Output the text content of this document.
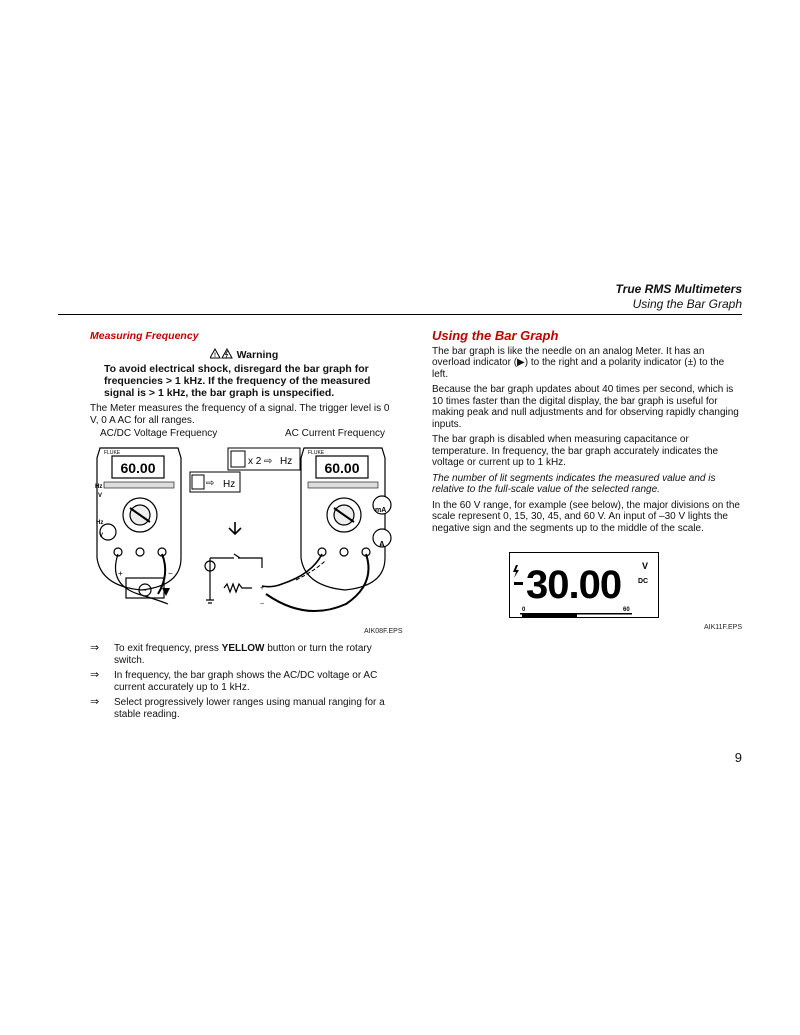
True RMS Multimeters
Using the Bar Graph
Measuring Frequency
! Warning
To avoid electrical shock, disregard the bar graph for frequencies > 1 kHz. If the frequency of the measured signal is > 1 kHz, the bar graph is unspecified.

The Meter measures the frequency of a signal. The trigger level is 0 V, 0 A AC for all ranges.

AC/DC Voltage Frequency	AC Current Frequency
60.00
FLUKE
Hz
V
Hz
V
~
+	−
⇨ Hz
+
−
x 2 ⇨ Hz 60.00
FLUKE
mA
A
AIK08F.EPS
⇒	To exit frequency, press YELLOW button or turn the rotary switch.
⇒	In frequency, the bar graph shows the AC/DC voltage or AC current accurately up to 1 kHz.
⇒	Select progressively lower ranges using manual ranging for a stable reading.
Using the Bar Graph

The bar graph is like the needle on an analog Meter. It has an overload indicator (▶) to the right and a polarity indicator (±) to the left.

Because the bar graph updates about 40 times per second, which is 10 times faster than the digital display, the bar graph is useful for making peak and null adjustments and for observing rapidly changing inputs.

The bar graph is disabled when measuring capacitance or temperature. In frequency, the bar graph accurately indicates the voltage or current up to 1 kHz.

The number of lit segments indicates the measured value and is relative to the full-scale value of the selected range.

In the 60 V range, for example (see below), the major divisions on the scale represent 0, 15, 30, 45, and 60 V. An input of –30 V lights the negative sign and the segments up to the middle of the scale.

30.00 V
DC
0	60
AIK11F.EPS
9
